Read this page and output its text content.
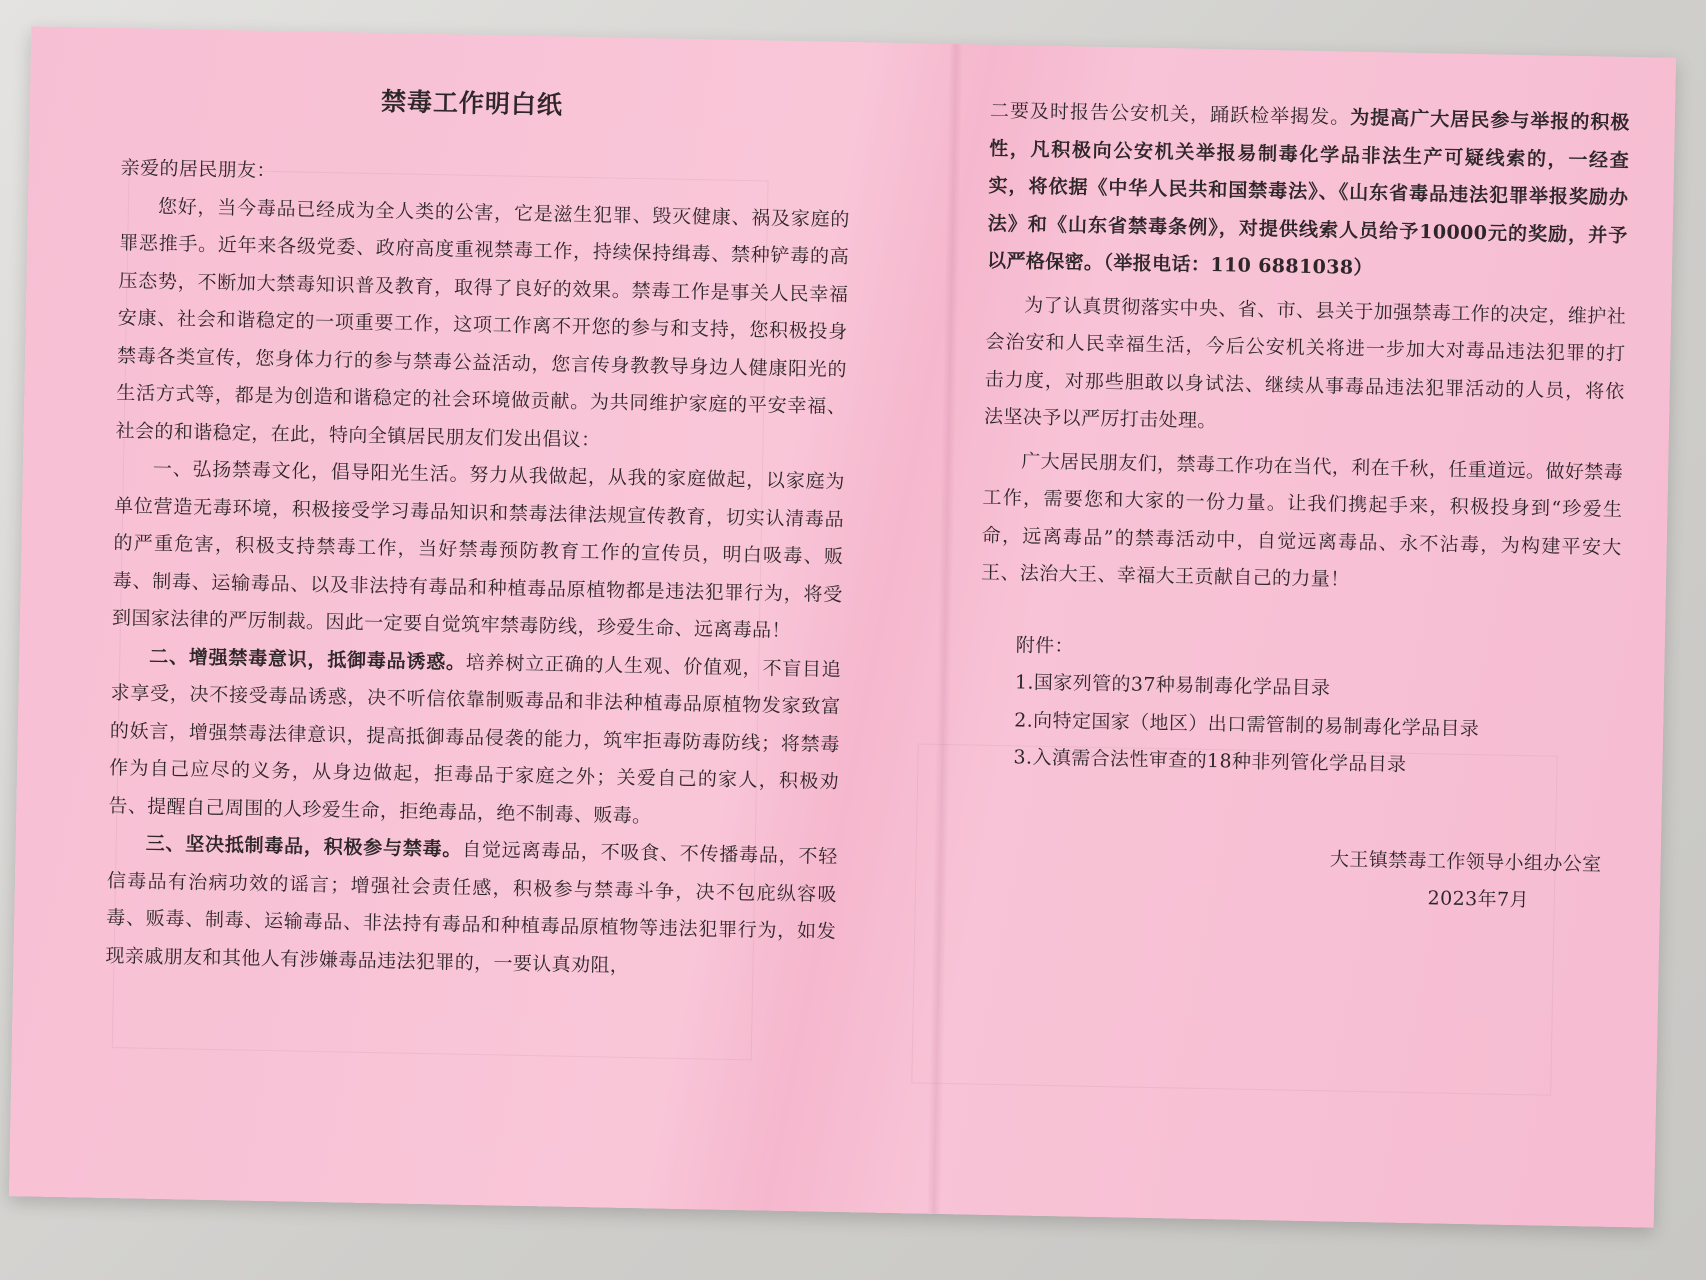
禁毒工作明白纸
亲爱的居民朋友：
您好，当今毒品已经成为全人类的公害，它是滋生犯罪、毁灭健康、祸及家庭的罪恶推手。近年来各级党委、政府高度重视禁毒工作，持续保持缉毒、禁种铲毒的高压态势，不断加大禁毒知识普及教育，取得了良好的效果。禁毒工作是事关人民幸福安康、社会和谐稳定的一项重要工作，这项工作离不开您的参与和支持，您积极投身禁毒各类宣传，您身体力行的参与禁毒公益活动，您言传身教教导身边人健康阳光的生活方式等，都是为创造和谐稳定的社会环境做贡献。为共同维护家庭的平安幸福、社会的和谐稳定，在此，特向全镇居民朋友们发出倡议：
一、弘扬禁毒文化，倡导阳光生活。努力从我做起，从我的家庭做起，以家庭为单位营造无毒环境，积极接受学习毒品知识和禁毒法律法规宣传教育，切实认清毒品的严重危害，积极支持禁毒工作，当好禁毒预防教育工作的宣传员，明白吸毒、贩毒、制毒、运输毒品、以及非法持有毒品和种植毒品原植物都是违法犯罪行为，将受到国家法律的严厉制裁。因此一定要自觉筑牢禁毒防线，珍爱生命、远离毒品！
二、增强禁毒意识，抵御毒品诱惑。培养树立正确的人生观、价值观，不盲目追求享受，决不接受毒品诱惑，决不听信依靠制贩毒品和非法种植毒品原植物发家致富的妖言，增强禁毒法律意识，提高抵御毒品侵袭的能力，筑牢拒毒防毒防线；将禁毒作为自己应尽的义务，从身边做起，拒毒品于家庭之外；关爱自己的家人，积极劝告、提醒自己周围的人珍爱生命，拒绝毒品，绝不制毒、贩毒。
三、坚决抵制毒品，积极参与禁毒。自觉远离毒品，不吸食、不传播毒品，不轻信毒品有治病功效的谣言；增强社会责任感，积极参与禁毒斗争，决不包庇纵容吸毒、贩毒、制毒、运输毒品、非法持有毒品和种植毒品原植物等违法犯罪行为，如发现亲戚朋友和其他人有涉嫌毒品违法犯罪的，一要认真劝阻，
二要及时报告公安机关，踊跃检举揭发。为提高广大居民参与举报的积极性，凡积极向公安机关举报易制毒化学品非法生产可疑线索的，一经查实，将依据《中华人民共和国禁毒法》、《山东省毒品违法犯罪举报奖励办法》和《山东省禁毒条例》，对提供线索人员给予10000元的奖励，并予以严格保密。（举报电话：110 6881038）
为了认真贯彻落实中央、省、市、县关于加强禁毒工作的决定，维护社会治安和人民幸福生活，今后公安机关将进一步加大对毒品违法犯罪的打击力度，对那些胆敢以身试法、继续从事毒品违法犯罪活动的人员，将依法坚决予以严厉打击处理。
广大居民朋友们，禁毒工作功在当代，利在千秋，任重道远。做好禁毒工作，需要您和大家的一份力量。让我们携起手来，积极投身到“珍爱生命，远离毒品”的禁毒活动中，自觉远离毒品、永不沾毒，为构建平安大王、法治大王、幸福大王贡献自己的力量！
附件：
1.国家列管的37种易制毒化学品目录
2.向特定国家（地区）出口需管制的易制毒化学品目录
3.入滇需合法性审查的18种非列管化学品目录
大王镇禁毒工作领导小组办公室
2023年7月
